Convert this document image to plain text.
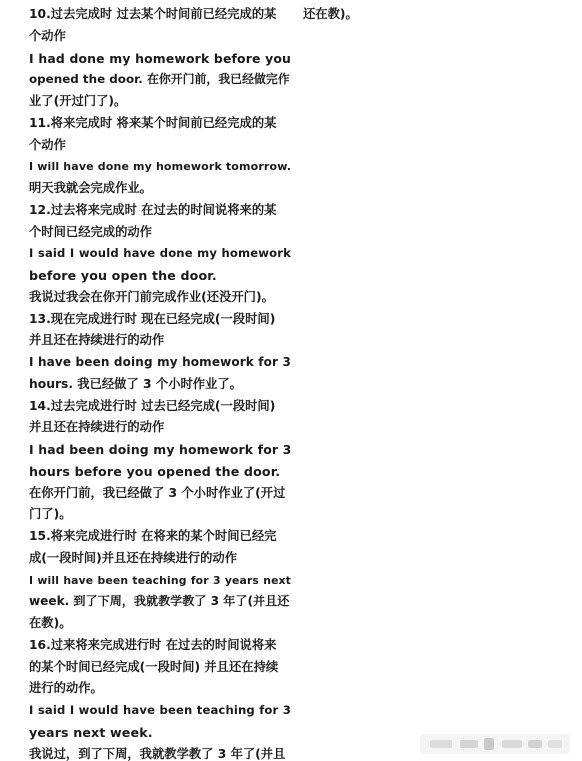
10.过去完成时 过去某个时间前已经完成的某
个动作
I had done my homework before you
opened the door. 在你开门前，我已经做完作
业了(开过门了)。
11.将来完成时 将来某个时间前已经完成的某
个动作
I will have done my homework tomorrow.
明天我就会完成作业。
12.过去将来完成时 在过去的时间说将来的某
个时间已经完成的动作
I said I would have done my homework
before you open the door.
我说过我会在你开门前完成作业(还没开门)。
13.现在完成进行时 现在已经完成(一段时间)
并且还在持续进行的动作
I have been doing my homework for 3
hours. 我已经做了 3 个小时作业了。
14.过去完成进行时 过去已经完成(一段时间)
并且还在持续进行的动作
I had been doing my homework for 3
hours before you opened the door.
在你开门前，我已经做了 3 个小时作业了(开过
门了)。
15.将来完成进行时 在将来的某个时间已经完
成(一段时间)并且还在持续进行的动作
I will have been teaching for 3 years next
week. 到了下周，我就教学教了 3 年了(并且还
在教)。
16.过来将来完成进行时 在过去的时间说将来
的某个时间已经完成(一段时间) 并且还在持续
进行的动作。
I said I would have been teaching for 3
years next week.
我说过，到了下周，我就教学教了 3 年了(并且
还在教)。
